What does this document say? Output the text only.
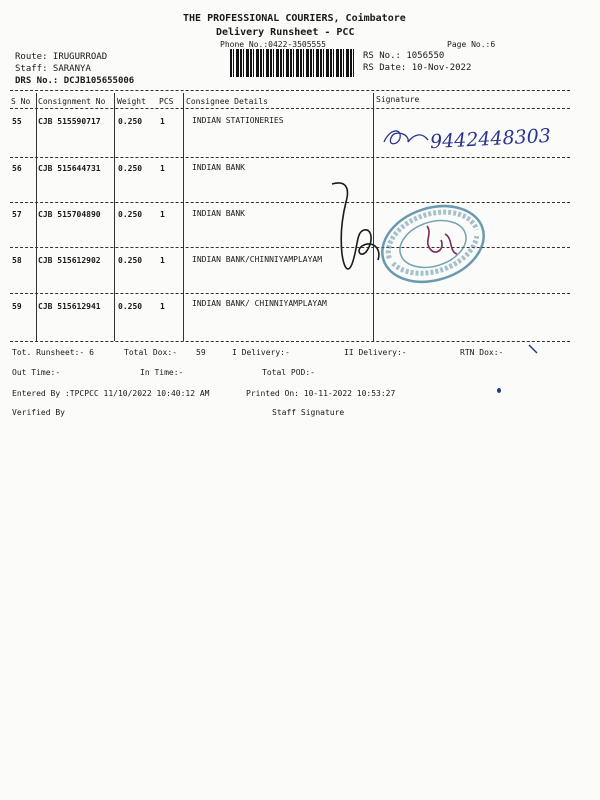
THE PROFESSIONAL COURIERS, Coimbatore
Delivery Runsheet - PCC
Phone No.:0422-3505555	Page No.:6
Route: IRUGURROAD
Staff: SARANYA
DRS No.: DCJB105655006
RS No.: 1056550
RS Date: 10-Nov-2022
S No Consignment No Weight PCS Consignee Details	Signature
55 CJB 515590717 0.250 1	INDIAN STATIONERIES
56 CJB 515644731 0.250 1	INDIAN BANK
57 CJB 515704890 0.250 1	INDIAN BANK
58 CJB 515612902 0.250 1	INDIAN BANK/CHINNIYAMPLAYAM
59 CJB 515612941 0.250 1	INDIAN BANK/ CHINNIYAMPLAYAM
9442448303
Tot. Runsheet:- 6	Total Dox:- 59	I Delivery:-	II Delivery:-	RTN Dox:-
Out Time:-	In Time:-	Total POD:-
Entered By :TPCPCC 11/10/2022 10:40:12 AM	Printed On: 10-11-2022 10:53:27
Verified By	Staff Signature
